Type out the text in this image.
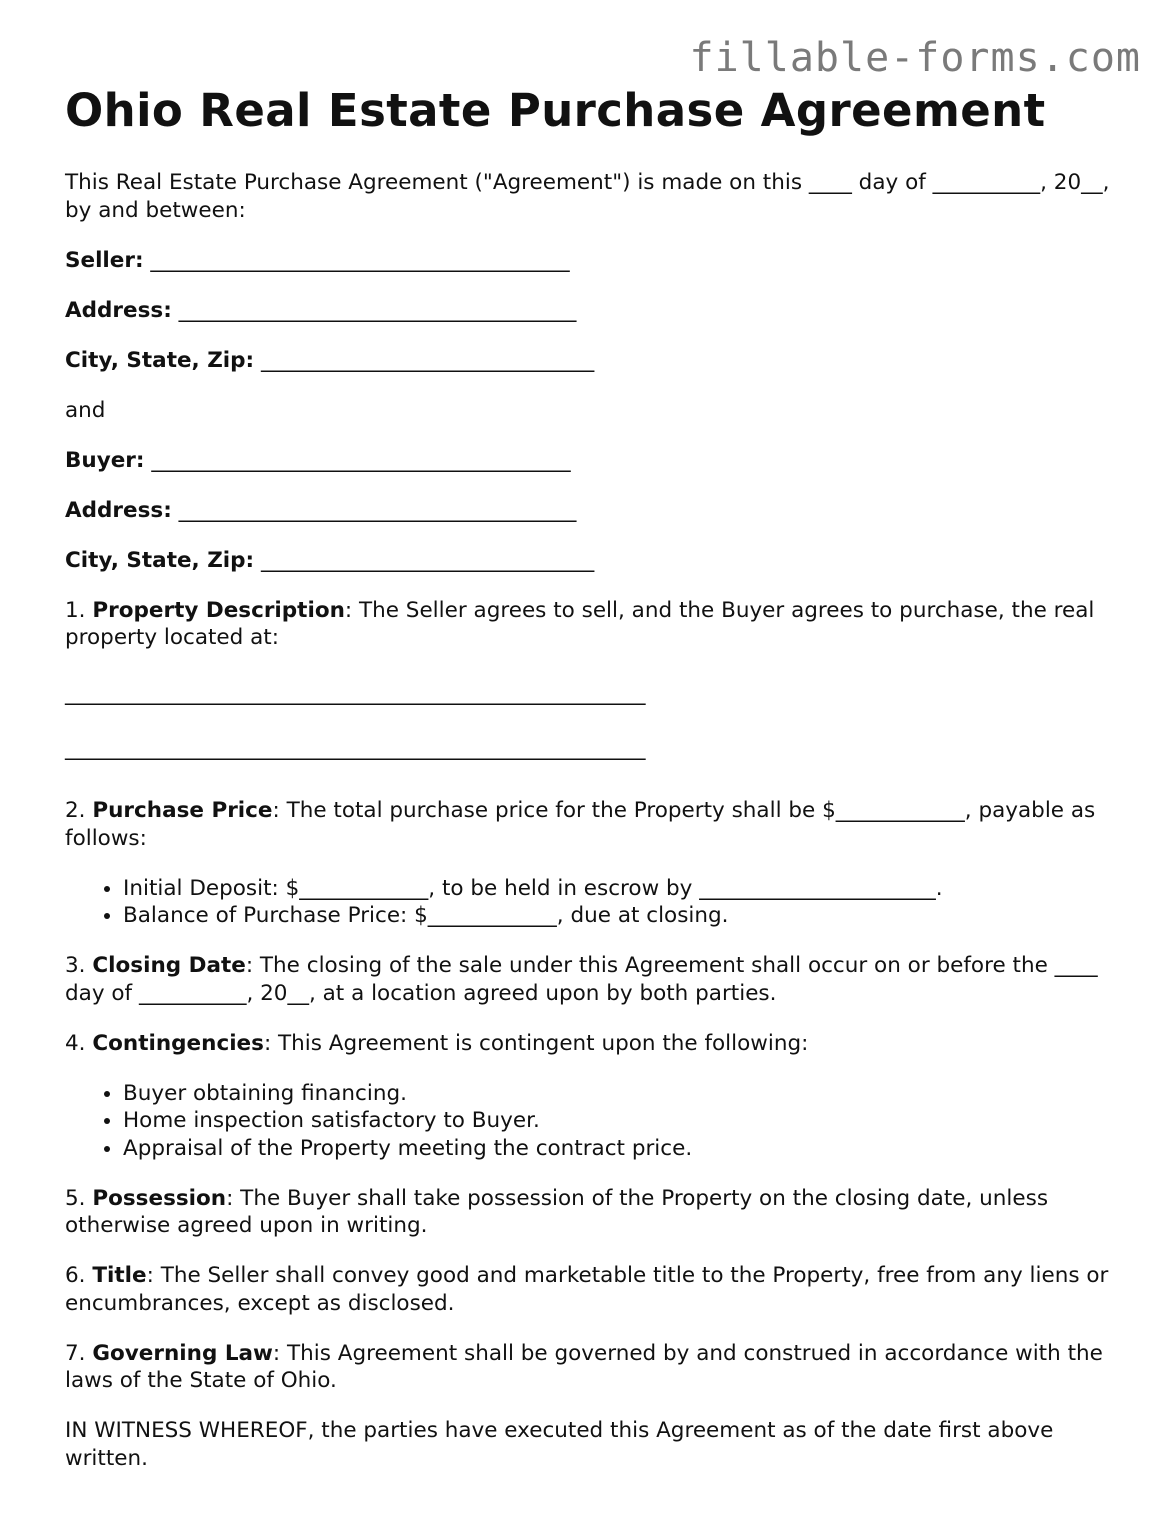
fillable-forms.com
Ohio Real Estate Purchase Agreement

This Real Estate Purchase Agreement ("Agreement") is made on this ____ day of __________, 20__, by and between:

Seller: _______________________________________

Address: _____________________________________

City, State, Zip: _______________________________

and

Buyer: _______________________________________

Address: _____________________________________

City, State, Zip: _______________________________

1. Property Description: The Seller agrees to sell, and the Buyer agrees to purchase, the real property located at:

______________________________________________________

______________________________________________________

2. Purchase Price: The total purchase price for the Property shall be $____________, payable as follows:

• Initial Deposit: $____________, to be held in escrow by ______________________.
• Balance of Purchase Price: $____________, due at closing.

3. Closing Date: The closing of the sale under this Agreement shall occur on or before the ____ day of __________, 20__, at a location agreed upon by both parties.

4. Contingencies: This Agreement is contingent upon the following:

• Buyer obtaining financing.
• Home inspection satisfactory to Buyer.
• Appraisal of the Property meeting the contract price.

5. Possession: The Buyer shall take possession of the Property on the closing date, unless otherwise agreed upon in writing.

6. Title: The Seller shall convey good and marketable title to the Property, free from any liens or encumbrances, except as disclosed.

7. Governing Law: This Agreement shall be governed by and construed in accordance with the laws of the State of Ohio.

IN WITNESS WHEREOF, the parties have executed this Agreement as of the date first above written.
